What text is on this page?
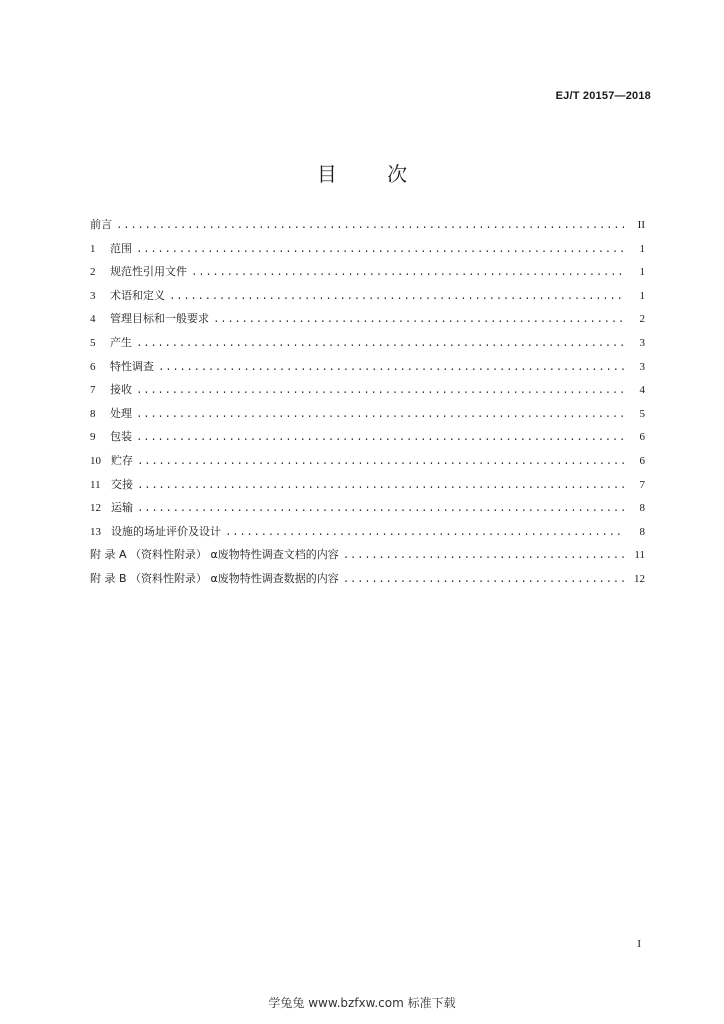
EJ/T 20157—2018
目 次
前言 .....	II
1	范围 .....	1
2	规范性引用文件 .....	1
3	术语和定义 .....	1
4	管理目标和一般要求 .....	2
5	产生 .....	3
6	特性调查 .....	3
7	接收 .....	4
8	处理 .....	5
9	包装 .....	6
10 贮存 .....	6
11 交接 .....	7
12 运输 .....	8
13 设施的场址评价及设计 .....	8
附 录 A （资料性附录） α废物特性调查文档的内容 .....	11
附 录 B （资料性附录） α废物特性调查数据的内容 .....	12
I
学兔兔 www.bzfxw.com 标准下载
